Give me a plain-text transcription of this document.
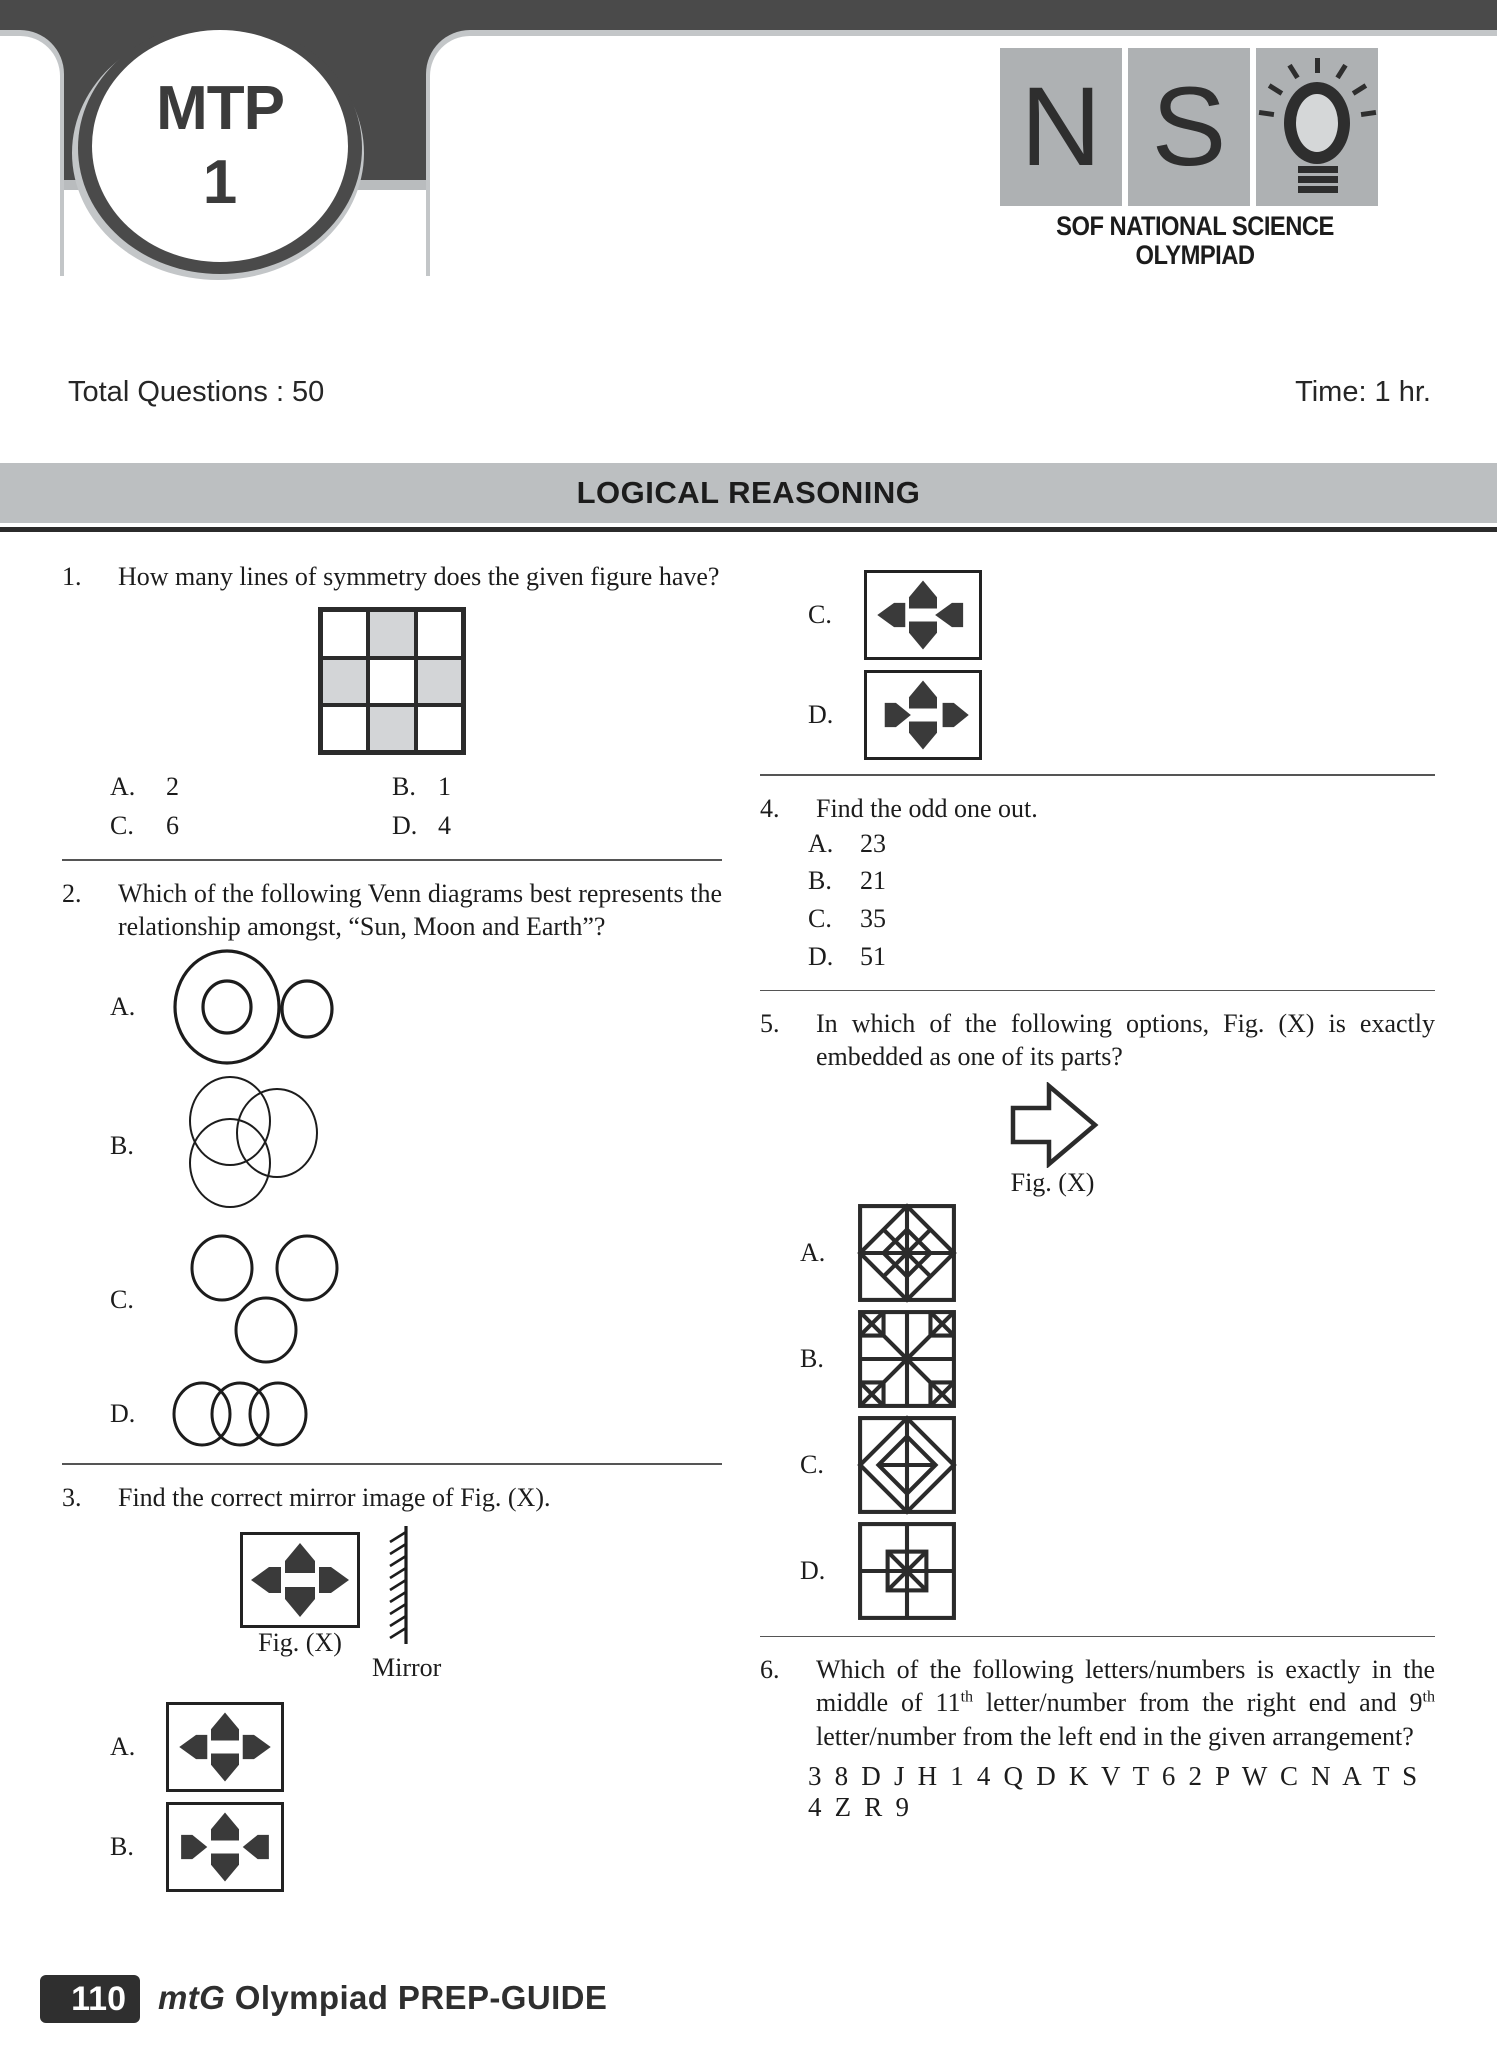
MTP
1	N S
SOF NATIONAL SCIENCE
OLYMPIAD
Total Questions : 50	Time: 1 hr.
LOGICAL REASONING
1.	How many lines of symmetry does the given figure have?
A.	2	B. 1
C.	6	D. 4
2.	Which of the following Venn diagrams best represents the relationship amongst, “Sun, Moon and Earth”?
A.
B.
C.
D.
3.	Find the correct mirror image of Fig. (X).
Fig. (X)
Mirror
A.
B.
C.
D.
4.	Find the odd one out.
A.	23
B.	21
C.	35
D.	51
5.	In which of the following options, Fig. (X) is exactly embedded as one of its parts?
Fig. (X)
A.
B.
C.
D.
6.	Which of the following letters/numbers is exactly in the middle of 11th letter/number from the right end and 9th letter/number from the left end in the given arrangement?
3 8 D J H 1 4 Q D K V T 6 2 P W C N A T S 4 Z R 9
110 mtG Olympiad PREP-GUIDE
